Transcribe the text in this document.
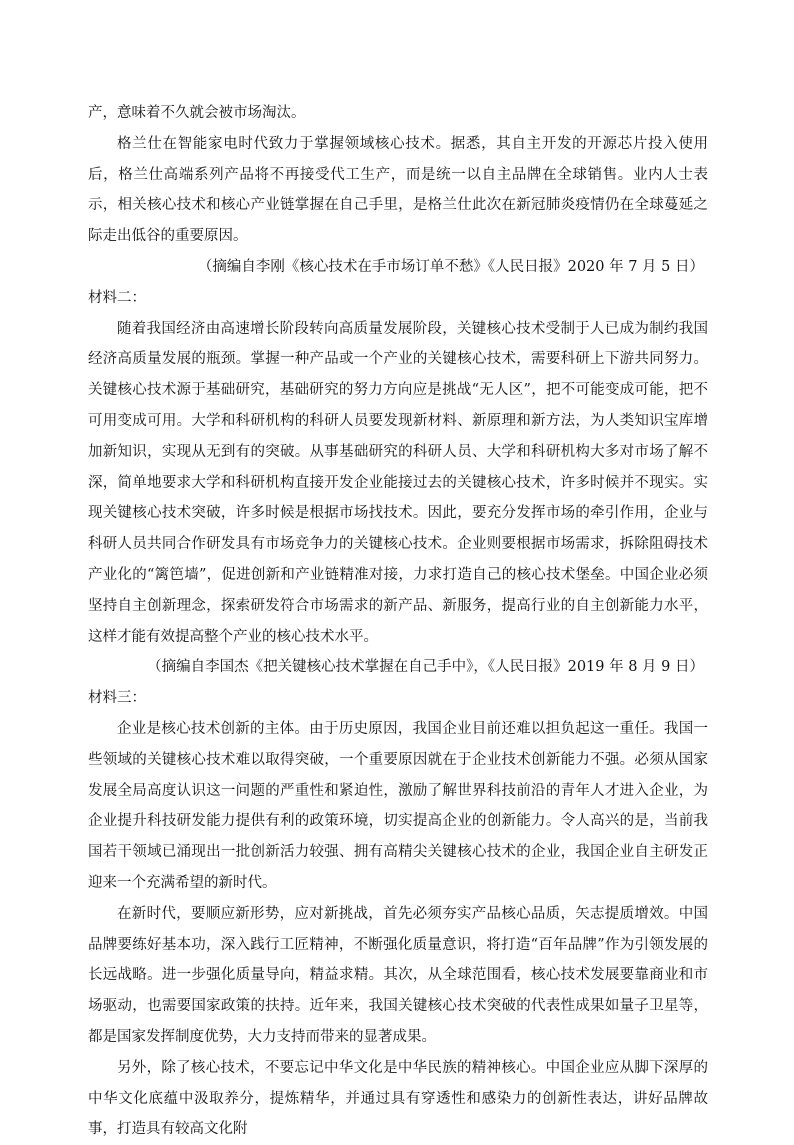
产，意味着不久就会被市场淘汰。

格兰仕在智能家电时代致力于掌握领域核心技术。据悉，其自主开发的开源芯片投入使用后，格兰仕高端系列产品将不再接受代工生产，而是统一以自主品牌在全球销售。业内人士表示，相关核心技术和核心产业链掌握在自己手里，是格兰仕此次在新冠肺炎疫情仍在全球蔓延之际走出低谷的重要原因。

（摘编自李刚《核心技术在手市场订单不愁》《人民日报》2020 年 7 月 5 日）

材料二：

随着我国经济由高速增长阶段转向高质量发展阶段，关键核心技术受制于人已成为制约我国经济高质量发展的瓶颈。掌握一种产品或一个产业的关键核心技术，需要科研上下游共同努力。关键核心技术源于基础研究，基础研究的努力方向应是挑战“无人区”，把不可能变成可能，把不可用变成可用。大学和科研机构的科研人员要发现新材料、新原理和新方法，为人类知识宝库增加新知识，实现从无到有的突破。从事基础研究的科研人员、大学和科研机构大多对市场了解不深，简单地要求大学和科研机构直接开发企业能接过去的关键核心技术，许多时候并不现实。实现关键核心技术突破，许多时候是根据市场找技术。因此，要充分发挥市场的牵引作用，企业与科研人员共同合作研发具有市场竞争力的关键核心技术。企业则要根据市场需求，拆除阻碍技术产业化的“篱笆墙”，促进创新和产业链精准对接，力求打造自己的核心技术堡垒。中国企业必须坚持自主创新理念，探索研发符合市场需求的新产品、新服务，提高行业的自主创新能力水平，这样才能有效提高整个产业的核心技术水平。

（摘编自李国杰《把关键核心技术掌握在自己手中》，《人民日报》2019 年 8 月 9 日）

材料三：

企业是核心技术创新的主体。由于历史原因，我国企业目前还难以担负起这一重任。我国一些领域的关键核心技术难以取得突破，一个重要原因就在于企业技术创新能力不强。必须从国家发展全局高度认识这一问题的严重性和紧迫性，激励了解世界科技前沿的青年人才进入企业，为企业提升科技研发能力提供有利的政策环境，切实提高企业的创新能力。令人高兴的是，当前我国若干领域已涌现出一批创新活力较强、拥有高精尖关键核心技术的企业，我国企业自主研发正迎来一个充满希望的新时代。

在新时代，要顺应新形势，应对新挑战，首先必须夯实产品核心品质，矢志提质增效。中国品牌要练好基本功，深入践行工匠精神，不断强化质量意识，将打造“百年品牌”作为引领发展的长远战略。进一步强化质量导向，精益求精。其次，从全球范围看，核心技术发展要靠商业和市场驱动，也需要国家政策的扶持。近年来，我国关键核心技术突破的代表性成果如量子卫星等，都是国家发挥制度优势，大力支持而带来的显著成果。

另外，除了核心技术，不要忘记中华文化是中华民族的精神核心。中国企业应从脚下深厚的中华文化底蕴中汲取养分，提炼精华，并通过具有穿透性和感染力的创新性表达，讲好品牌故事，打造具有较高文化附
